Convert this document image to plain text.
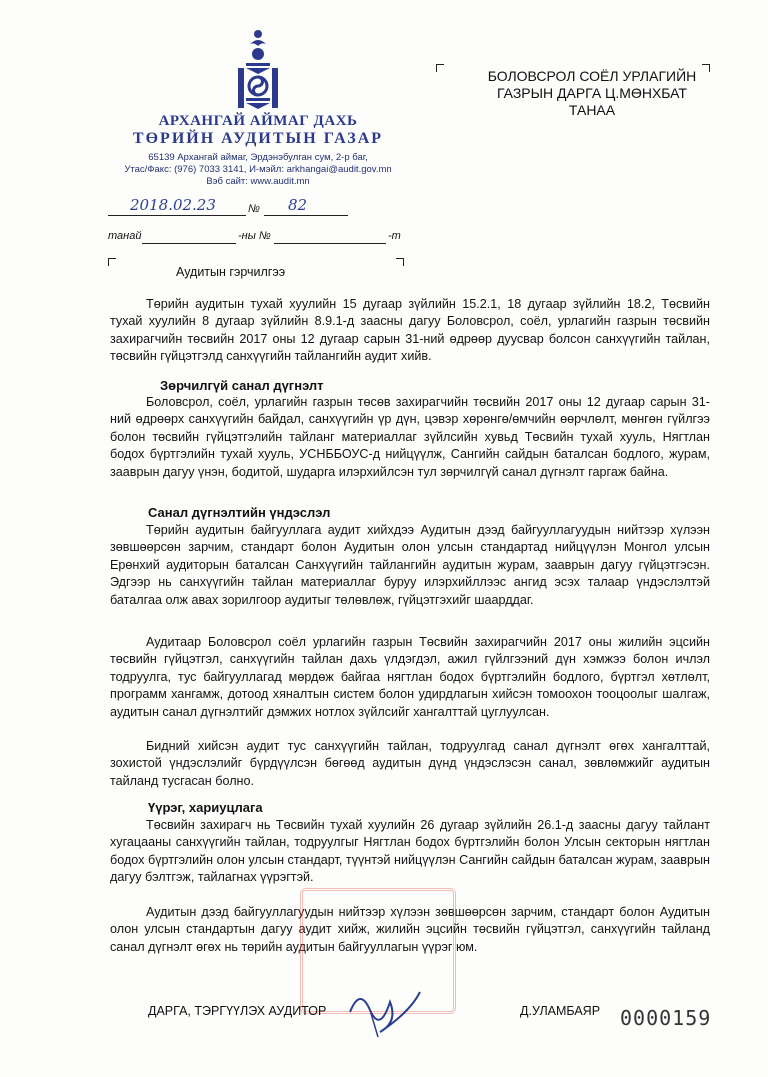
АРХАНГАЙ АЙМАГ ДАХЬ
ТӨРИЙН АУДИТЫН ГАЗАР
65139 Архангай аймаг, Эрдэнэбулган сум, 2-р баг,
Утас/Факс: (976) 7033 3141, И-мэйл: arkhangai@audit.gov.mn
Вэб сайт: www.audit.mn
БОЛОВСРОЛ СОЁЛ УРЛАГИЙН
ГАЗРЫН ДАРГА Ц.МӨНХБАТ
ТАНАА
2018.02.23	№ 82
танай	-ны №	-т
Аудитын гэрчилгээ
Төрийн аудитын тухай хуулийн 15 дугаар зүйлийн 15.2.1, 18 дугаар зүйлийн 18.2, Төсвийн тухай хуулийн 8 дугаар зүйлийн 8.9.1-д заасны дагуу Боловсрол, соёл, урлагийн газрын төсвийн захирагчийн төсвийн 2017 оны 12 дугаар сарын 31-ний өдрөөр дуусвар болсон санхүүгийн тайлан, төсвийн гүйцэтгэлд санхүүгийн тайлангийн аудит хийв.
Зөрчилгүй санал дүгнэлт
Боловсрол, соёл, урлагийн газрын төсөв захирагчийн төсвийн 2017 оны 12 дугаар сарын 31-ний өдрөөрх санхүүгийн байдал, санхүүгийн үр дүн, цэвэр хөрөнгө/өмчийн өөрчлөлт, мөнгөн гүйлгээ болон төсвийн гүйцэтгэлийн тайланг материаллаг зүйлсийн хувьд Төсвийн тухай хууль, Нягтлан бодох бүртгэлийн тухай хууль, УСНББОУС-д нийцүүлж, Сангийн сайдын баталсан бодлого, журам, зааврын дагуу үнэн, бодитой, шударга илэрхийлсэн тул зөрчилгүй санал дүгнэлт гаргаж байна.
Санал дүгнэлтийн үндэслэл
Төрийн аудитын байгууллага аудит хийхдээ Аудитын дээд байгууллагуудын нийтээр хүлээн зөвшөөрсөн зарчим, стандарт болон Аудитын олон улсын стандартад нийцүүлэн Монгол улсын Ерөнхий аудиторын баталсан Санхүүгийн тайлангийн аудитын журам, зааврын дагуу гүйцэтгэсэн. Эдгээр нь санхүүгийн тайлан материаллаг буруу илэрхийллээс ангид эсэх талаар үндэслэлтэй баталгаа олж авах зорилгоор аудитыг төлөвлөж, гүйцэтгэхийг шаарддаг.
Аудитаар Боловсрол соёл урлагийн газрын Төсвийн захирагчийн 2017 оны жилийн эцсийн төсвийн гүйцэтгэл, санхүүгийн тайлан дахь үлдэгдэл, ажил гүйлгээний дүн хэмжээ болон ичлэл тодруулга, тус байгууллагад мөрдөж байгаа нягтлан бодох бүртгэлийн бодлого, бүртгэл хөтлөлт, программ хангамж, дотоод хяналтын систем болон удирдлагын хийсэн томоохон тооцоолыг шалгаж, аудитын санал дүгнэлтийг дэмжих нотлох зүйлсийг хангалттай цуглуулсан.
Бидний хийсэн аудит тус санхүүгийн тайлан, тодруулгад санал дүгнэлт өгөх хангалттай, зохистой үндэслэлийг бүрдүүлсэн бөгөөд аудитын дүнд үндэслэсэн санал, зөвлөмжийг аудитын тайланд тусгасан болно.
Үүрэг, хариуцлага
Төсвийн захирагч нь Төсвийн тухай хуулийн 26 дугаар зүйлийн 26.1-д заасны дагуу тайлант хугацааны санхүүгийн тайлан, тодруулгыг Нягтлан бодох бүртгэлийн болон Улсын секторын нягтлан бодох бүртгэлийн олон улсын стандарт, түүнтэй нийцүүлэн Сангийн сайдын баталсан журам, зааврын дагуу бэлтгэж, тайлагнах үүрэгтэй.
Аудитын дээд байгууллагуудын нийтээр хүлээн зөвшөөрсөн зарчим, стандарт болон Аудитын олон улсын стандартын дагуу аудит хийж, жилийн эцсийн төсвийн гүйцэтгэл, санхүүгийн тайланд санал дүгнэлт өгөх нь төрийн аудитын байгууллагын үүрэг юм.
ДАРГА, ТЭРГҮҮЛЭХ АУДИТОР	Д.УЛАМБАЯР 0000159
